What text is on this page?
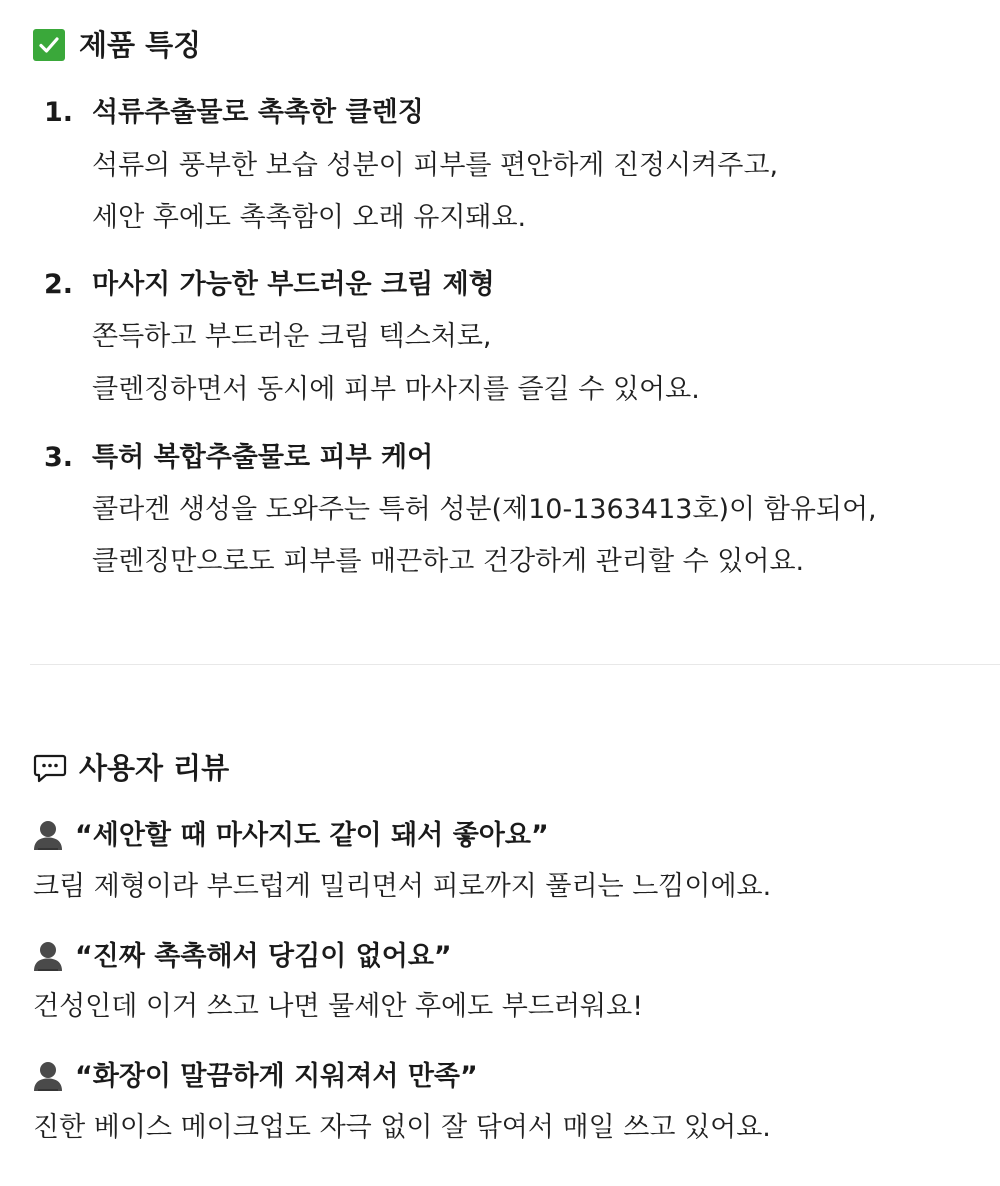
제품 특징
1. 석류추출물로 촉촉한 클렌징
석류의 풍부한 보습 성분이 피부를 편안하게 진정시켜주고,
세안 후에도 촉촉함이 오래 유지돼요.
2. 마사지 가능한 부드러운 크림 제형
쫀득하고 부드러운 크림 텍스처로,
클렌징하면서 동시에 피부 마사지를 즐길 수 있어요.
3. 특허 복합추출물로 피부 케어
콜라겐 생성을 도와주는 특허 성분(제10-1363413호)이 함유되어,
클렌징만으로도 피부를 매끈하고 건강하게 관리할 수 있어요.
사용자 리뷰
“세안할 때 마사지도 같이 돼서 좋아요”
크림 제형이라 부드럽게 밀리면서 피로까지 풀리는 느낌이에요.
“진짜 촉촉해서 당김이 없어요”
건성인데 이거 쓰고 나면 물세안 후에도 부드러워요!
“화장이 말끔하게 지워져서 만족”
진한 베이스 메이크업도 자극 없이 잘 닦여서 매일 쓰고 있어요.
